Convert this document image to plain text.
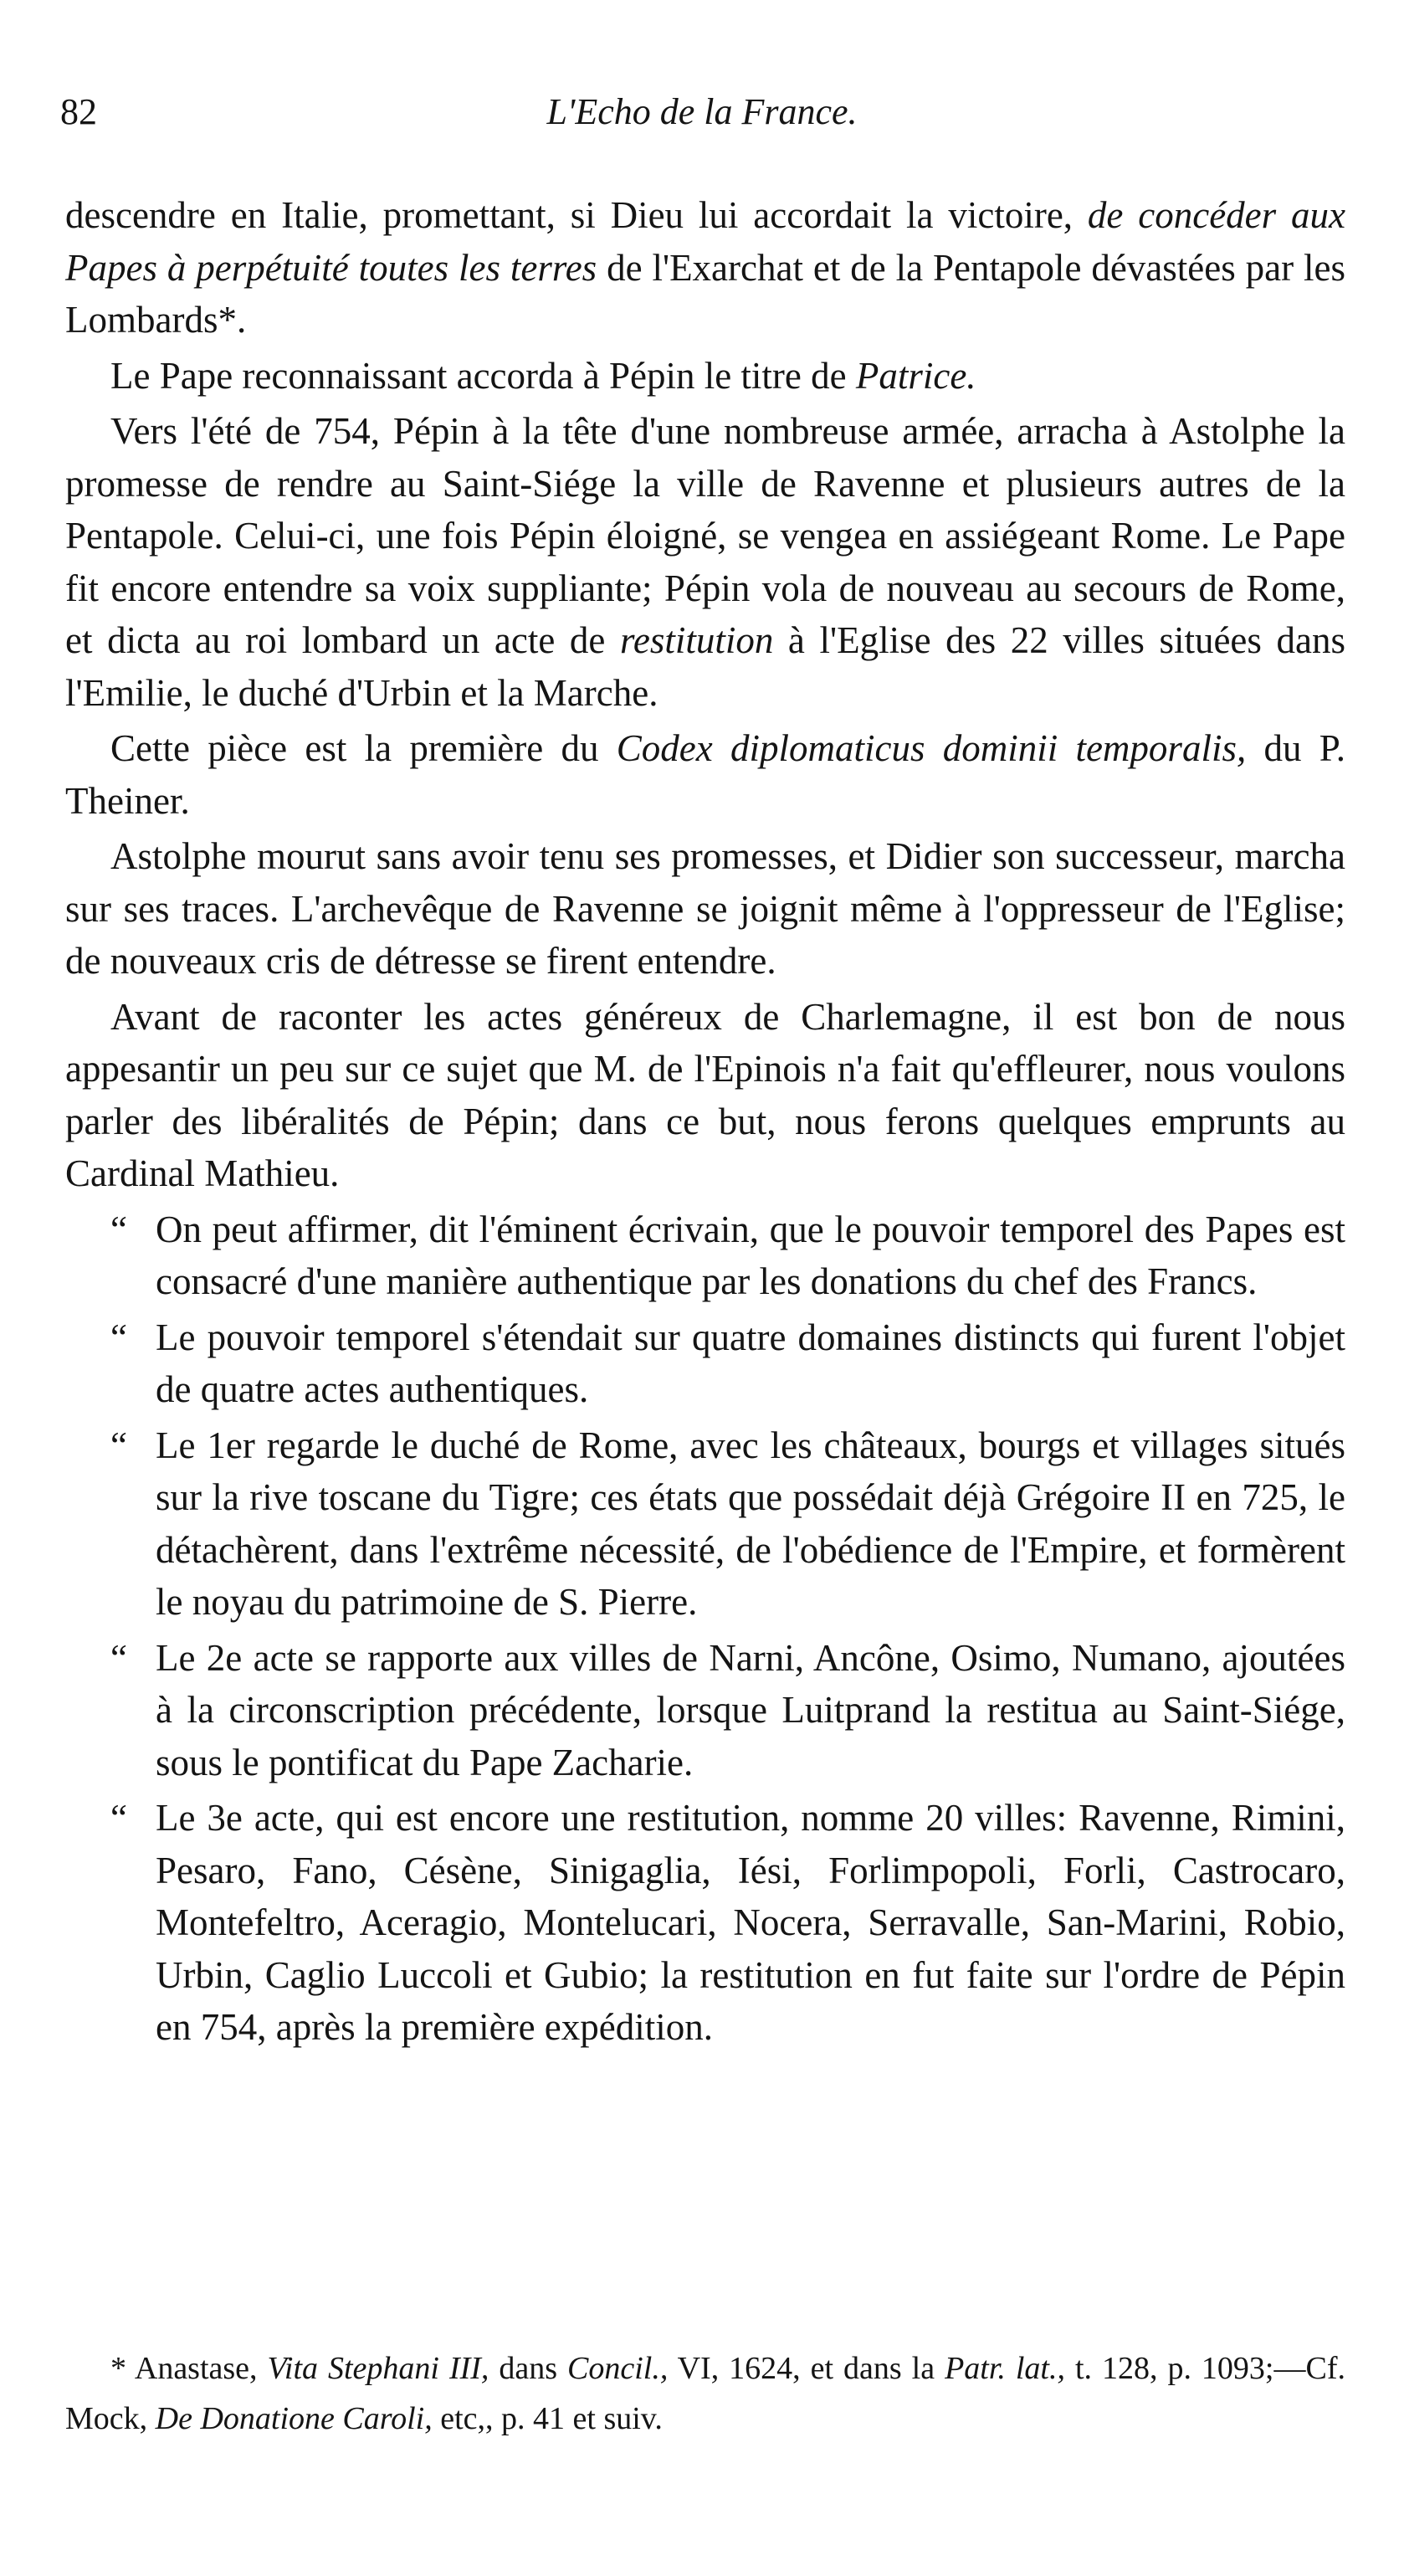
82	L'Echo de la France.

descendre en Italie, promettant, si Dieu lui accordait la victoire, de concéder aux Papes à perpétuité toutes les terres de l'Exarchat et de la Pentapole dévastées par les Lombards*.

Le Pape reconnaissant accorda à Pépin le titre de Patrice.

Vers l'été de 754, Pépin à la tête d'une nombreuse armée, arracha à Astolphe la promesse de rendre au Saint-Siége la ville de Ravenne et plusieurs autres de la Pentapole. Celui-ci, une fois Pépin éloigné, se vengea en assiégeant Rome. Le Pape fit encore entendre sa voix suppliante; Pépin vola de nouveau au secours de Rome, et dicta au roi lombard un acte de restitution à l'Eglise des 22 villes situées dans l'Emilie, le duché d'Urbin et la Marche.

Cette pièce est la première du Codex diplomaticus dominii temporalis, du P. Theiner.

Astolphe mourut sans avoir tenu ses promesses, et Didier son successeur, marcha sur ses traces. L'archevêque de Ravenne se joignit même à l'oppresseur de l'Eglise; de nouveaux cris de détresse se firent entendre.

Avant de raconter les actes généreux de Charlemagne, il est bon de nous appesantir un peu sur ce sujet que M. de l'Epinois n'a fait qu'effleurer, nous voulons parler des libéralités de Pépin; dans ce but, nous ferons quelques emprunts au Cardinal Mathieu.

“ On peut affirmer, dit l'éminent écrivain, que le pouvoir temporel des Papes est consacré d'une manière authentique par les donations du chef des Francs.

“ Le pouvoir temporel s'étendait sur quatre domaines distincts qui furent l'objet de quatre actes authentiques.

“ Le 1er regarde le duché de Rome, avec les châteaux, bourgs et villages situés sur la rive toscane du Tigre; ces états que possédait déjà Grégoire II en 725, le détachèrent, dans l'extrême nécessité, de l'obédience de l'Empire, et formèrent le noyau du patrimoine de S. Pierre.

“ Le 2e acte se rapporte aux villes de Narni, Ancône, Osimo, Numano, ajoutées à la circonscription précédente, lorsque Luitprand la restitua au Saint-Siége, sous le pontificat du Pape Zacharie.

“ Le 3e acte, qui est encore une restitution, nomme 20 villes: Ravenne, Rimini, Pesaro, Fano, Césène, Sinigaglia, Iési, Forlimpopoli, Forli, Castrocaro, Montefeltro, Aceragio, Montelucari, Nocera, Serravalle, San-Marini, Robio, Urbin, Caglio Luccoli et Gubio; la restitution en fut faite sur l'ordre de Pépin en 754, après la première expédition.

* Anastase, Vita Stephani III, dans Concil., VI, 1624, et dans la Patr. lat., t. 128, p. 1093;—Cf. Mock, De Donatione Caroli, etc,, p. 41 et suiv.
